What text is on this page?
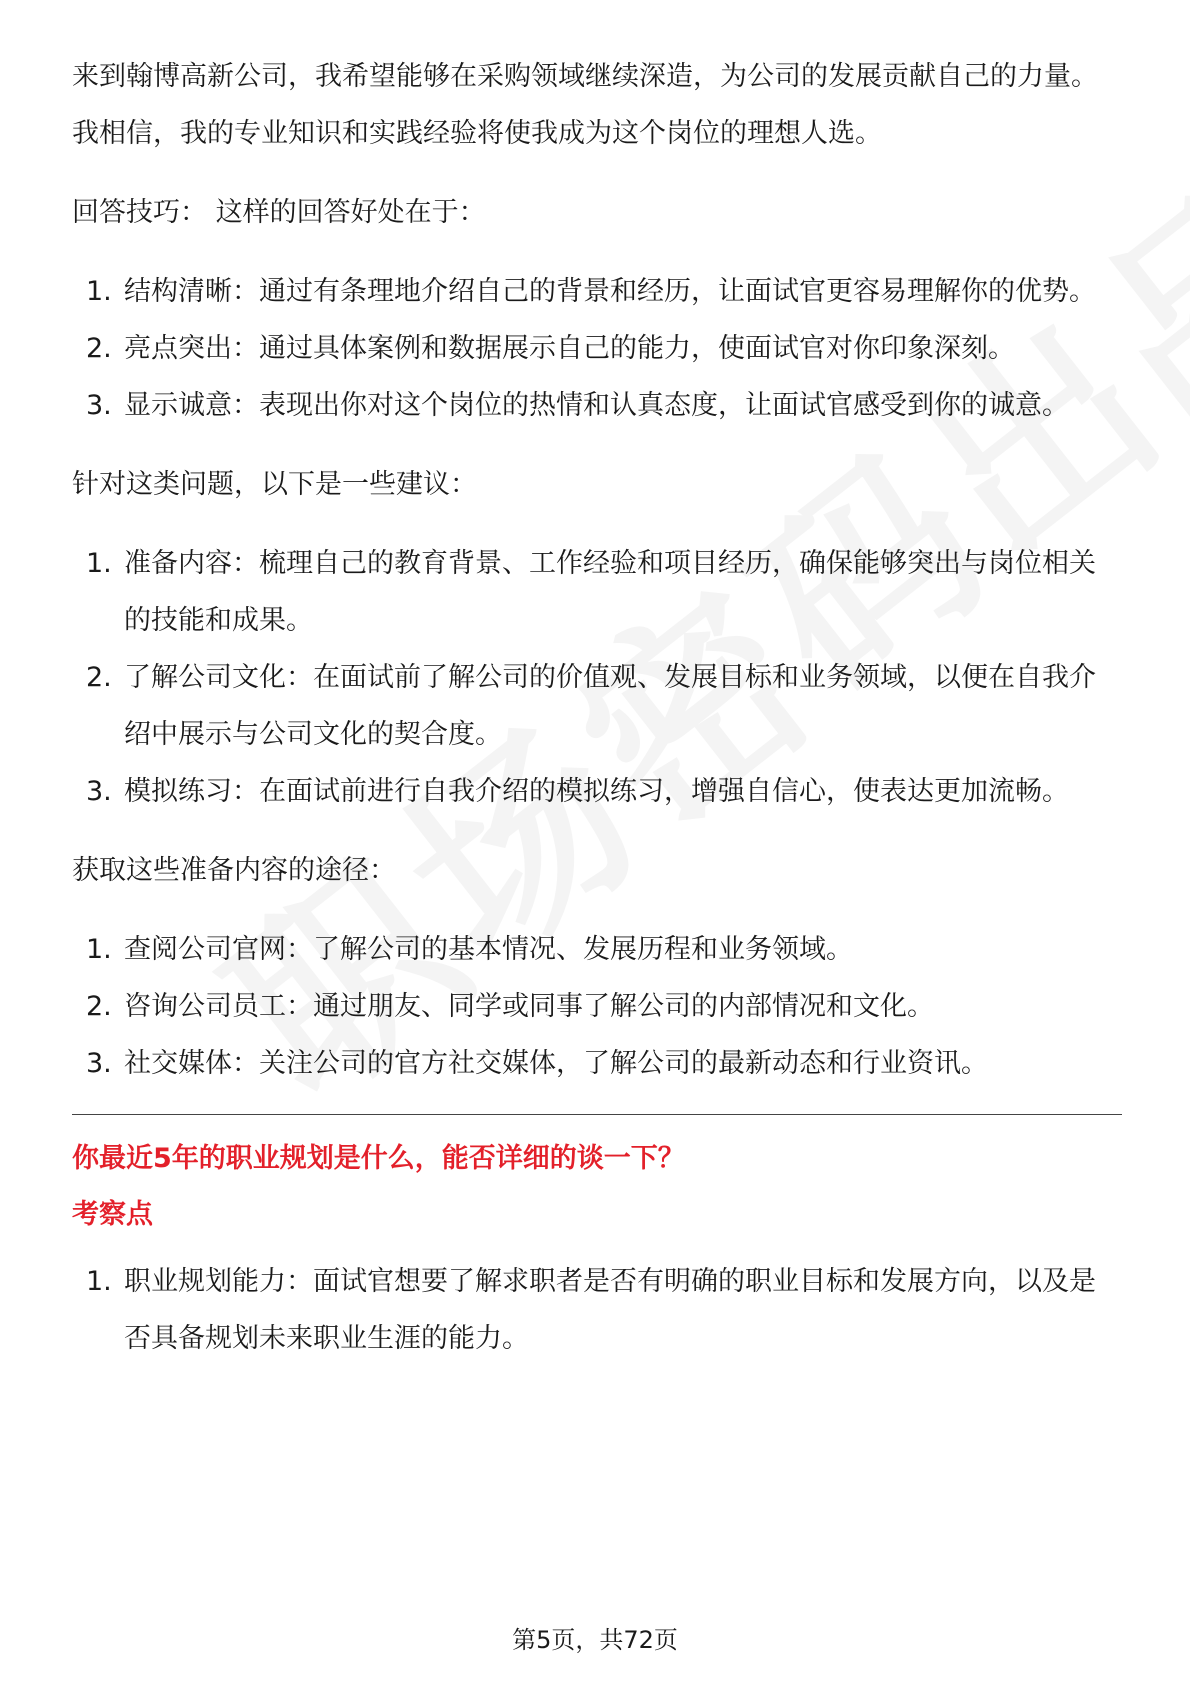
来到翰博高新公司，我希望能够在采购领域继续深造，为公司的发展贡献自己的力量。我相信，我的专业知识和实践经验将使我成为这个岗位的理想人选。

回答技巧： 这样的回答好处在于：

1. 结构清晰：通过有条理地介绍自己的背景和经历，让面试官更容易理解你的优势。
2. 亮点突出：通过具体案例和数据展示自己的能力，使面试官对你印象深刻。
3. 显示诚意：表现出你对这个岗位的热情和认真态度，让面试官感受到你的诚意。

针对这类问题，以下是一些建议：

1. 准备内容：梳理自己的教育背景、工作经验和项目经历，确保能够突出与岗位相关的技能和成果。
2. 了解公司文化：在面试前了解公司的价值观、发展目标和业务领域，以便在自我介绍中展示与公司文化的契合度。
3. 模拟练习：在面试前进行自我介绍的模拟练习，增强自信心，使表达更加流畅。

获取这些准备内容的途径：

1. 查阅公司官网：了解公司的基本情况、发展历程和业务领域。
2. 咨询公司员工：通过朋友、同学或同事了解公司的内部情况和文化。
3. 社交媒体：关注公司的官方社交媒体，了解公司的最新动态和行业资讯。
你最近5年的职业规划是什么，能否详细的谈一下？
考察点
1. 职业规划能力：面试官想要了解求职者是否有明确的职业目标和发展方向，以及是否具备规划未来职业生涯的能力。
第5页，共72页
